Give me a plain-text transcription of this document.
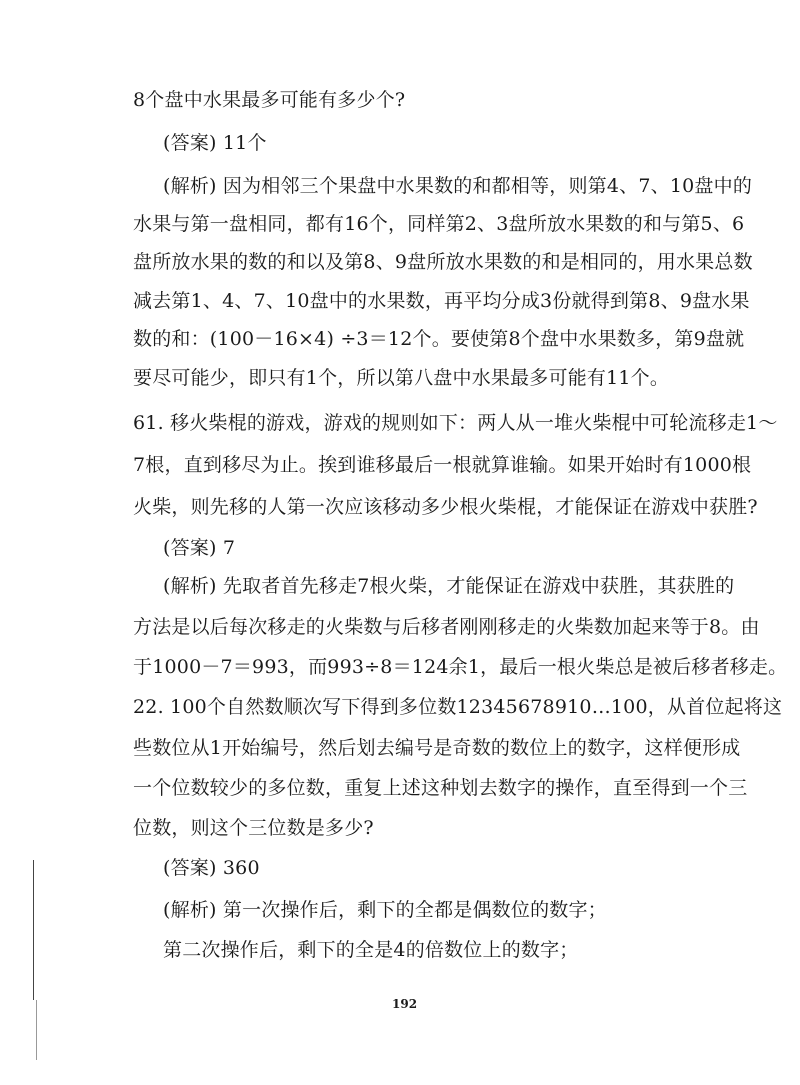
8个盘中水果最多可能有多少个?
(答案) 11个
(解析) 因为相邻三个果盘中水果数的和都相等，则第4、7、10盘中的
水果与第一盘相同，都有16个，同样第2、3盘所放水果数的和与第5、6
盘所放水果的数的和以及第8、9盘所放水果数的和是相同的，用水果总数
减去第1、4、7、10盘中的水果数，再平均分成3份就得到第8、9盘水果
数的和：(100－16×4) ÷3＝12个。要使第8个盘中水果数多，第9盘就
要尽可能少，即只有1个，所以第八盘中水果最多可能有11个。
61. 移火柴棍的游戏，游戏的规则如下：两人从一堆火柴棍中可轮流移走1～
7根，直到移尽为止。挨到谁移最后一根就算谁输。如果开始时有1000根
火柴，则先移的人第一次应该移动多少根火柴棍，才能保证在游戏中获胜?
(答案) 7
(解析) 先取者首先移走7根火柴，才能保证在游戏中获胜，其获胜的
方法是以后每次移走的火柴数与后移者刚刚移走的火柴数加起来等于8。由
于1000－7＝993，而993÷8＝124余1，最后一根火柴总是被后移者移走。
22. 100个自然数顺次写下得到多位数12345678910…100，从首位起将这
些数位从1开始编号，然后划去编号是奇数的数位上的数字，这样便形成
一个位数较少的多位数，重复上述这种划去数字的操作，直至得到一个三
位数，则这个三位数是多少?
(答案) 360
(解析) 第一次操作后，剩下的全都是偶数位的数字；
第二次操作后，剩下的全是4的倍数位上的数字；
192
